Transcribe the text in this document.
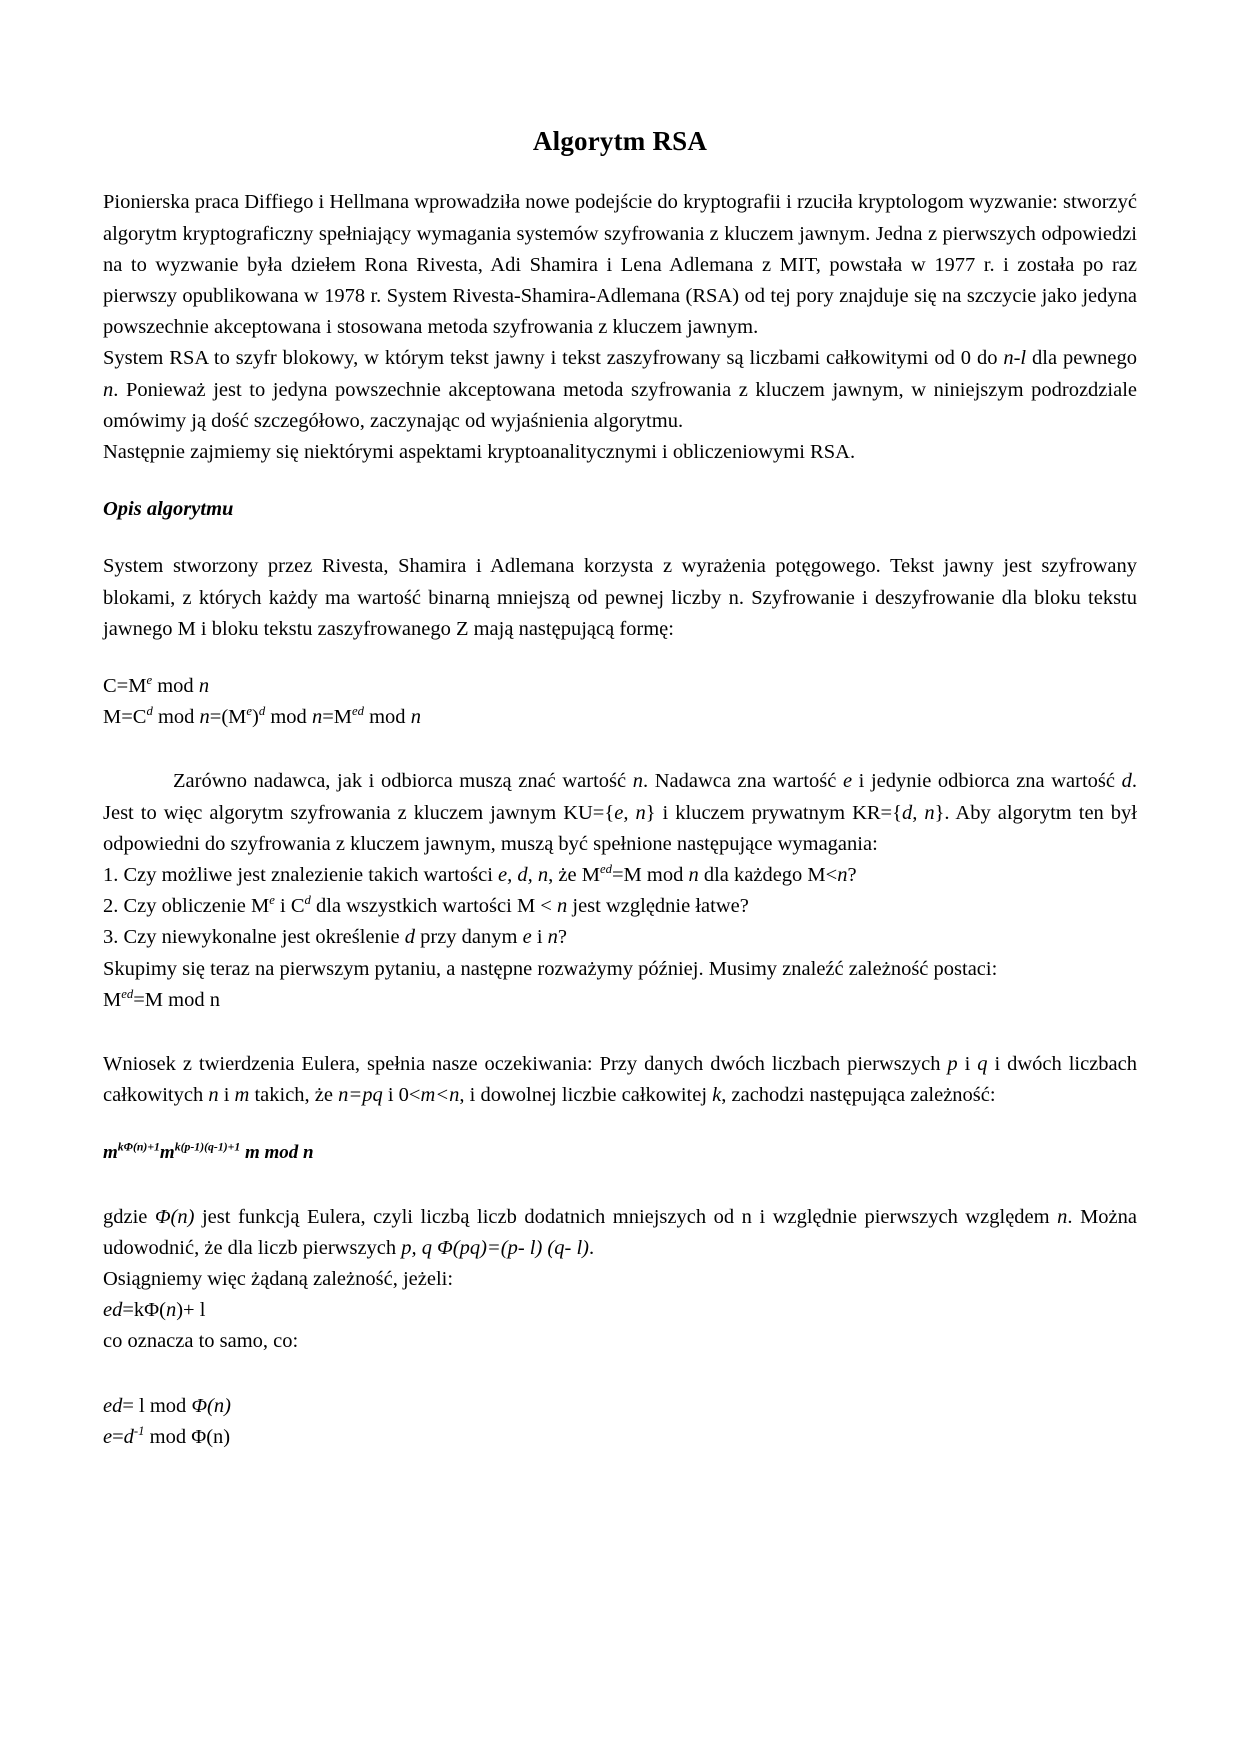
Algorytm RSA

Pionierska praca Diffiego i Hellmana wprowadziła nowe podejście do kryptografii i rzuciła kryptologom wyzwanie: stworzyć algorytm kryptograficzny spełniający wymagania systemów szyfrowania z kluczem jawnym. Jedna z pierwszych odpowiedzi na to wyzwanie była dziełem Rona Rivesta, Adi Shamira i Lena Adlemana z MIT, powstała w 1977 r. i została po raz pierwszy opublikowana w 1978 r. System Rivesta-Shamira-Adlemana (RSA) od tej pory znajduje się na szczycie jako jedyna powszechnie akceptowana i stosowana metoda szyfrowania z kluczem jawnym.

System RSA to szyfr blokowy, w którym tekst jawny i tekst zaszyfrowany są liczbami całkowitymi od 0 do n-l dla pewnego n. Ponieważ jest to jedyna powszechnie akceptowana metoda szyfrowania z kluczem jawnym, w niniejszym podrozdziale omówimy ją dość szczegółowo, zaczynając od wyjaśnienia algorytmu.

Następnie zajmiemy się niektórymi aspektami kryptoanalitycznymi i obliczeniowymi RSA.

Opis algorytmu

System stworzony przez Rivesta, Shamira i Adlemana korzysta z wyrażenia potęgowego. Tekst jawny jest szyfrowany blokami, z których każdy ma wartość binarną mniejszą od pewnej liczby n. Szyfrowanie i deszyfrowanie dla bloku tekstu jawnego M i bloku tekstu zaszyfrowanego Z mają następującą formę:

$C=M^e$ mod n

$M=C^d$ mod $n=(M^e)^d$ mod $n=M^{ed}$ mod n

Zarówno nadawca, jak i odbiorca muszą znać wartość n. Nadawca zna wartość e i jedynie odbiorca zna wartość d. Jest to więc algorytm szyfrowania z kluczem jawnym KU={e, n} i kluczem prywatnym KR={d, n}. Aby algorytm ten był odpowiedni do szyfrowania z kluczem jawnym, muszą być spełnione następujące wymagania:

1. Czy możliwe jest znalezienie takich wartości e, d, n, że $M^{ed}=M$ mod n dla każdego M<n?

2. Czy obliczenie Me i $C^d$ dla wszystkich wartości M < n jest względnie łatwe?

3. Czy niewykonalne jest określenie d przy danym e i n?

Skupimy się teraz na pierwszym pytaniu, a następne rozważymy później. Musimy znaleźć zależność postaci:

$M^{ed}=M$ mod n

Wniosek z twierdzenia Eulera, spełnia nasze oczekiwania: Przy danych dwóch liczbach pierwszych p i q i dwóch liczbach całkowitych n i m takich, że n=pq i 0<m<n, i dowolnej liczbie całkowitej k, zachodzi następująca zależność:

$m^{k\Phi(n)+1}m^{k(p-1)(q-1)+1}$ m mod n

gdzie Φ(n) jest funkcją Eulera, czyli liczbą liczb dodatnich mniejszych od n i względnie pierwszych względem n. Można udowodnić, że dla liczb pierwszych p, q Φ(pq)=(p- l) (q- l).

Osiągniemy więc żądaną zależność, jeżeli:

ed=kΦ(n)+ l

co oznacza to samo, co:

ed= l mod Φ(n)

$e=d^{-1}$ mod Φ(n)
